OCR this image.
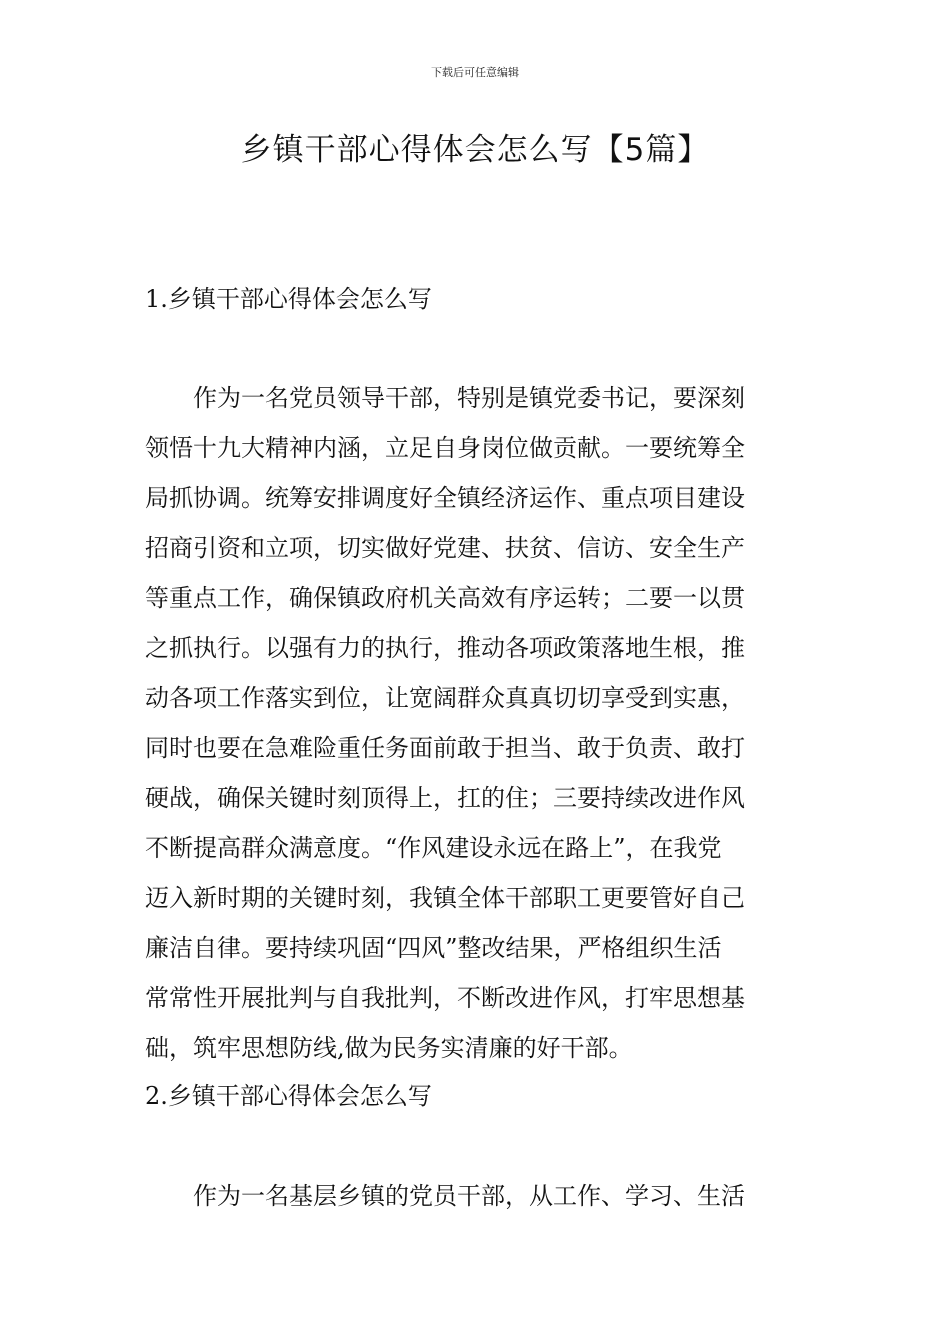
下载后可任意编辑
乡镇干部心得体会怎么写【5篇】
1.乡镇干部心得体会怎么写
　　作为一名党员领导干部，特别是镇党委书记，要深刻
领悟十九大精神内涵，立足自身岗位做贡献。一要统筹全
局抓协调。统筹安排调度好全镇经济运作、重点项目建设
招商引资和立项，切实做好党建、扶贫、信访、安全生产
等重点工作，确保镇政府机关高效有序运转；二要一以贯
之抓执行。以强有力的执行，推动各项政策落地生根，推
动各项工作落实到位，让宽阔群众真真切切享受到实惠，
同时也要在急难险重任务面前敢于担当、敢于负责、敢打
硬战，确保关键时刻顶得上，扛的住；三要持续改进作风
不断提高群众满意度。“作风建设永远在路上”，在我党
迈入新时期的关键时刻，我镇全体干部职工更要管好自己
廉洁自律。要持续巩固“四风”整改结果，严格组织生活
常常性开展批判与自我批判，不断改进作风，打牢思想基
础，筑牢思想防线,做为民务实清廉的好干部。
2.乡镇干部心得体会怎么写
　　作为一名基层乡镇的党员干部，从工作、学习、生活
